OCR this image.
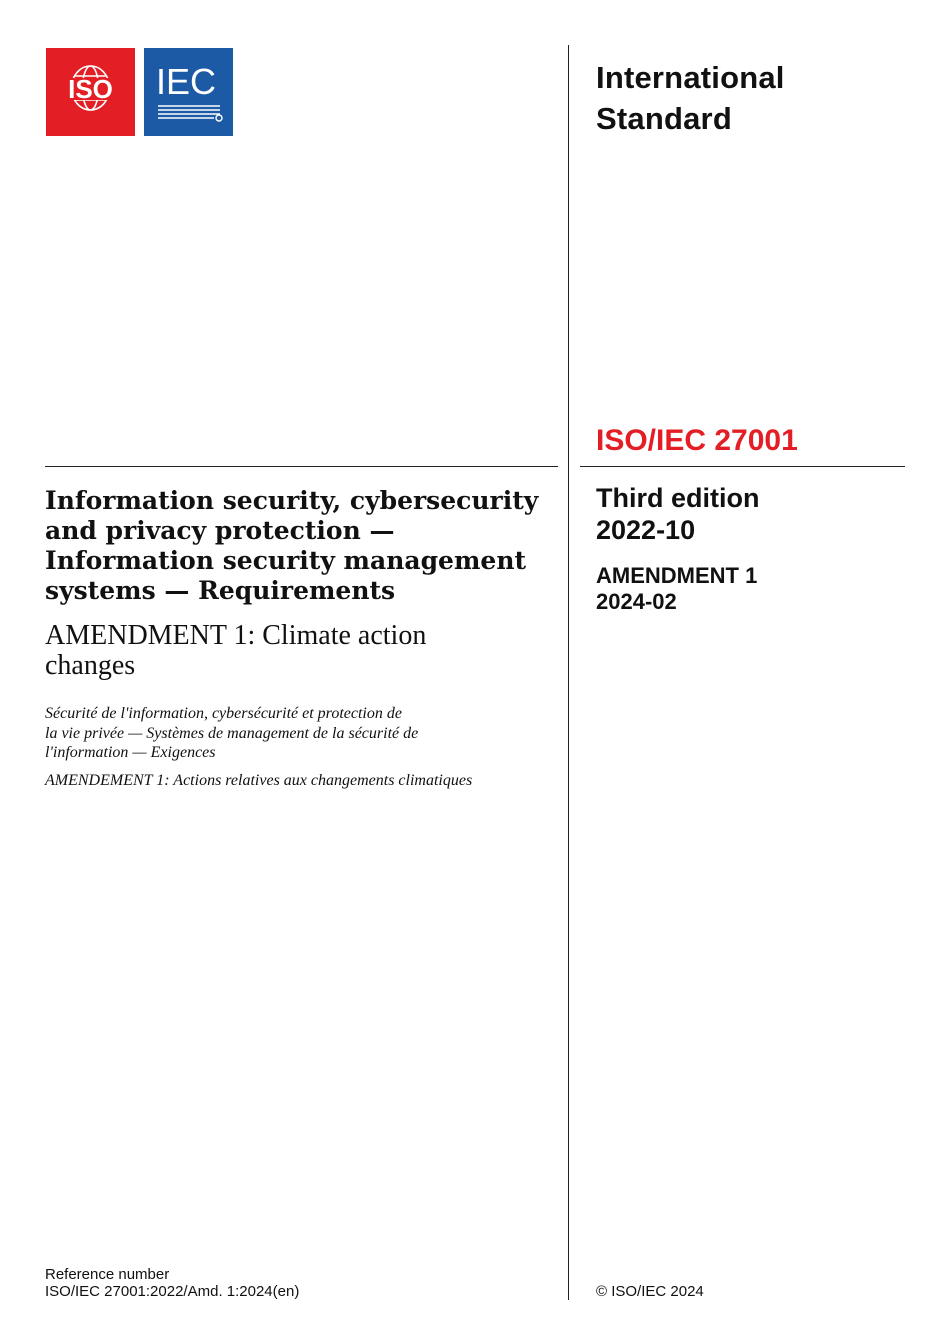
ISO IEC	International
Standard
ISO/IEC 27001
Third edition
2022-10
AMENDMENT 1
2024-02
Information security, cybersecurity
and privacy protection —
Information security management
systems — Requirements
AMENDMENT 1: Climate action
changes
Sécurité de l'information, cybersécurité et protection de
la vie privée — Systèmes de management de la sécurité de
l'information — Exigences
AMENDEMENT 1: Actions relatives aux changements climatiques
Reference number
ISO/IEC 27001:2022/Amd. 1:2024(en)	© ISO/IEC 2024
